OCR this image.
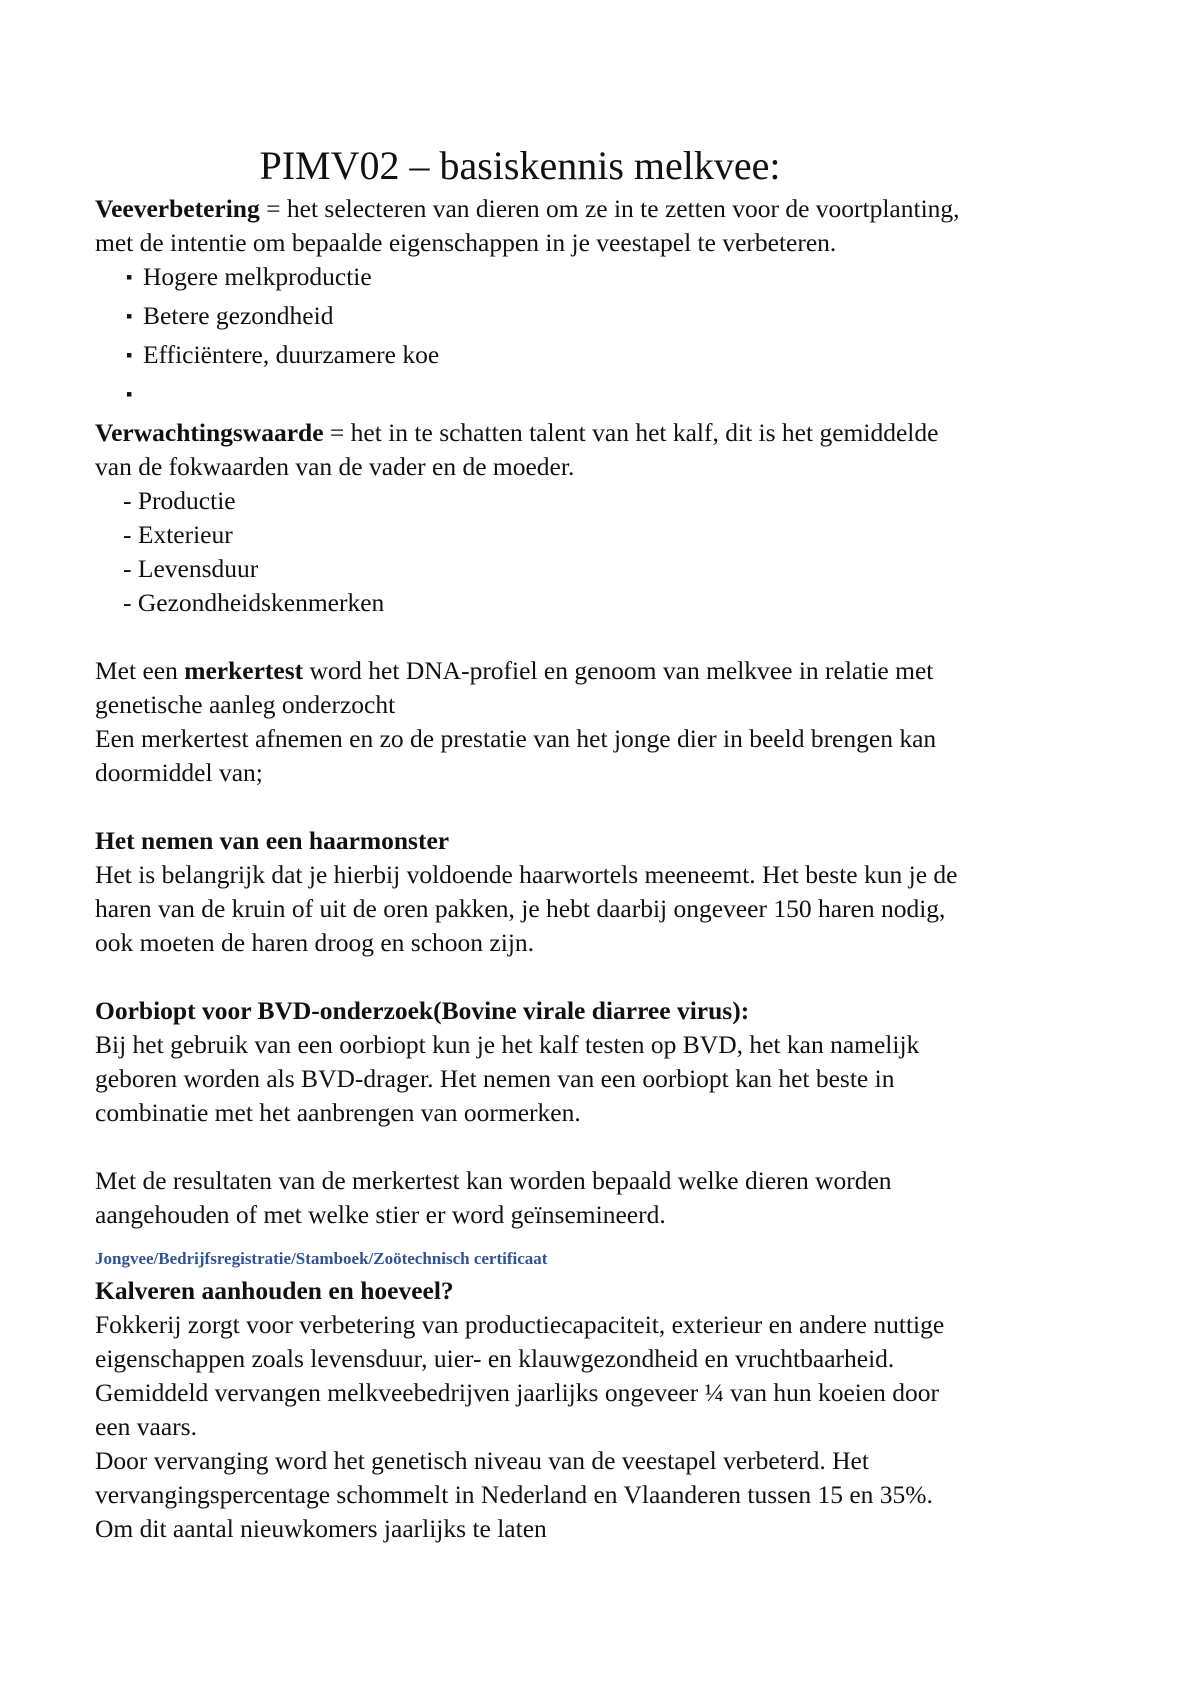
PIMV02 – basiskennis melkvee:

Veeverbetering = het selecteren van dieren om ze in te zetten voor de voortplanting, met de intentie om bepaalde eigenschappen in je veestapel te verbeteren.

▪ Hogere melkproductie
▪ Betere gezondheid
▪ Efficiëntere, duurzamere koe
▪

Verwachtingswaarde = het in te schatten talent van het kalf, dit is het gemiddelde van de fokwaarden van de vader en de moeder.

- Productie
- Exterieur
- Levensduur
- Gezondheidskenmerken

Met een merkertest word het DNA-profiel en genoom van melkvee in relatie met genetische aanleg onderzocht

Een merkertest afnemen en zo de prestatie van het jonge dier in beeld brengen kan doormiddel van;

Het nemen van een haarmonster

Het is belangrijk dat je hierbij voldoende haarwortels meeneemt. Het beste kun je de haren van de kruin of uit de oren pakken, je hebt daarbij ongeveer 150 haren nodig, ook moeten de haren droog en schoon zijn.

Oorbiopt voor BVD-onderzoek(Bovine virale diarree virus):

Bij het gebruik van een oorbiopt kun je het kalf testen op BVD, het kan namelijk geboren worden als BVD-drager. Het nemen van een oorbiopt kan het beste in combinatie met het aanbrengen van oormerken.

Met de resultaten van de merkertest kan worden bepaald welke dieren worden aangehouden of met welke stier er word geïnsemineerd.

Jongvee/Bedrijfsregistratie/Stamboek/Zoötechnisch certificaat

Kalveren aanhouden en hoeveel?

Fokkerij zorgt voor verbetering van productiecapaciteit, exterieur en andere nuttige eigenschappen zoals levensduur, uier- en klauwgezondheid en vruchtbaarheid.

Gemiddeld vervangen melkveebedrijven jaarlijks ongeveer ¼ van hun koeien door een vaars.

Door vervanging word het genetisch niveau van de veestapel verbeterd. Het vervangingspercentage schommelt in Nederland en Vlaanderen tussen 15 en 35%. Om dit aantal nieuwkomers jaarlijks te laten
